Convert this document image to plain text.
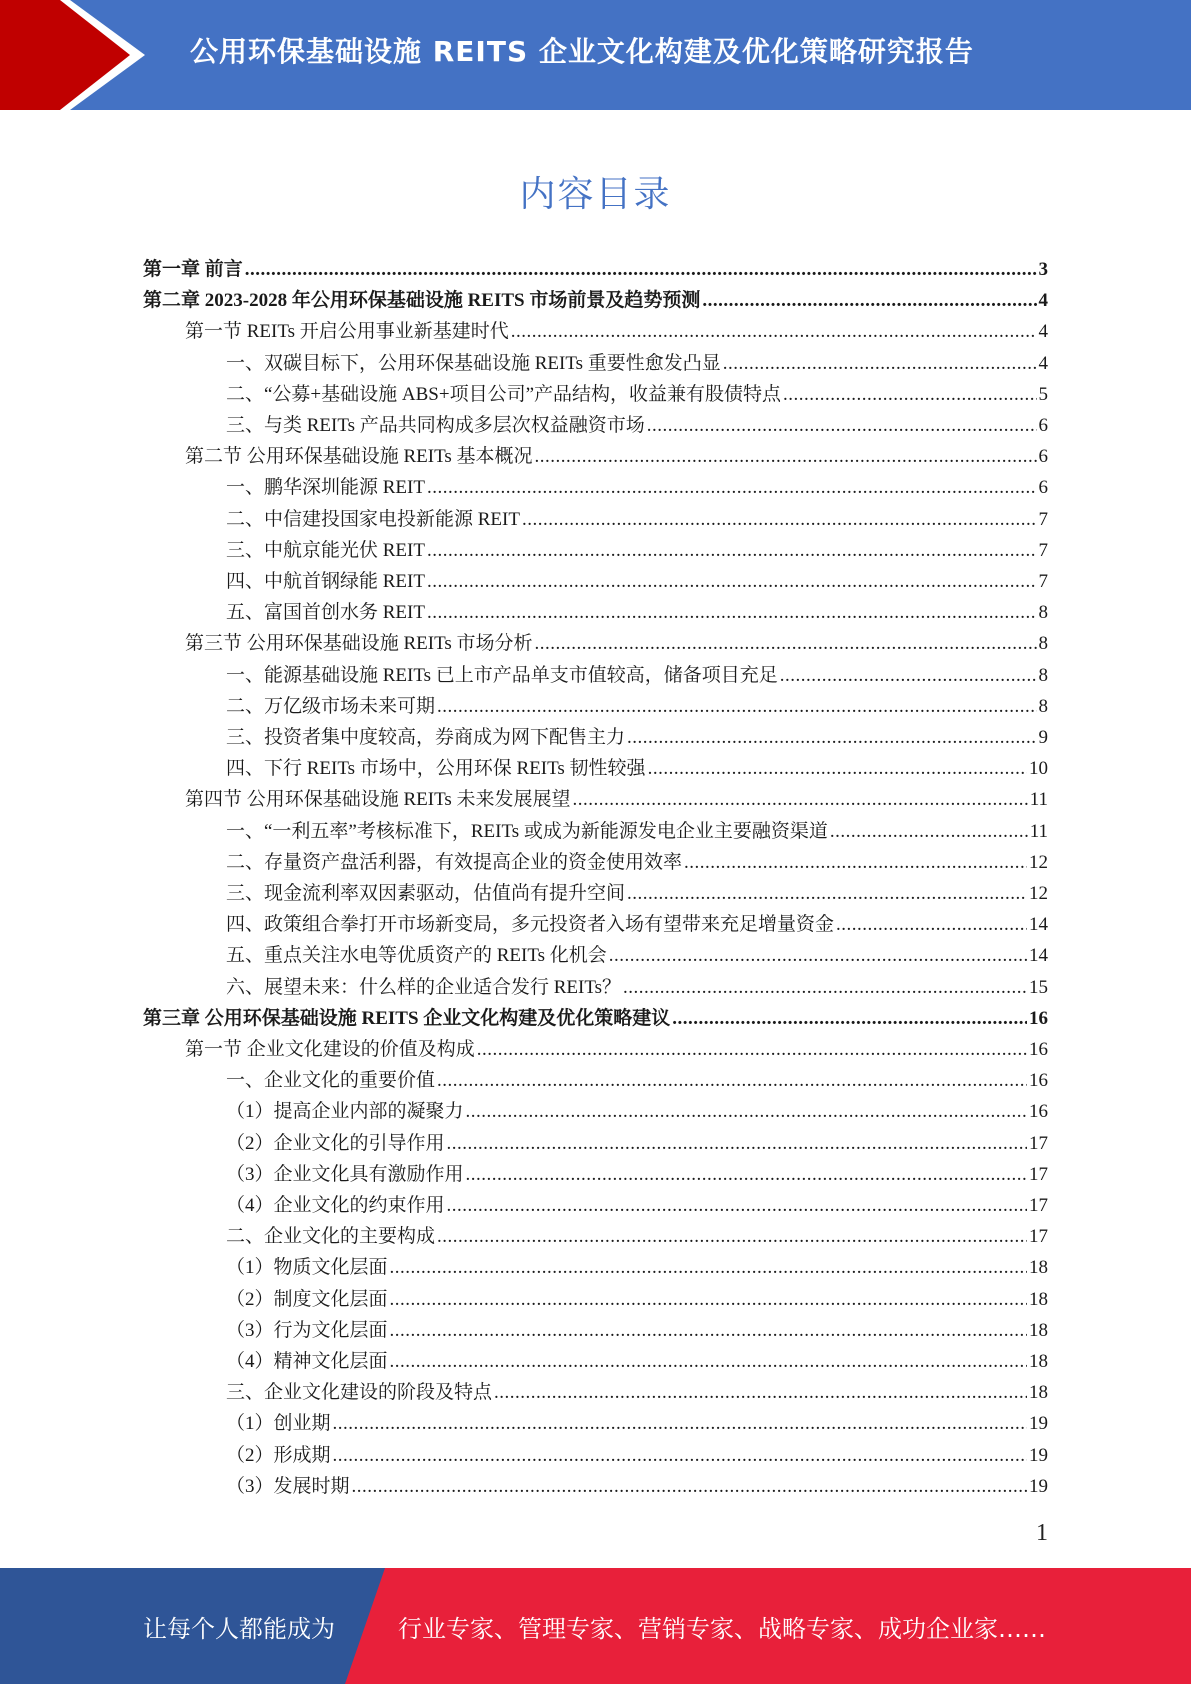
公用环保基础设施 REITS 企业文化构建及优化策略研究报告
内容目录
第一章 前言 .....	3
第二章 2023-2028 年公用环保基础设施 REITS 市场前景及趋势预测 .....	4
第一节 REITs 开启公用事业新基建时代 .....	4
一、双碳目标下，公用环保基础设施 REITs 重要性愈发凸显 .....	4
二、“公募+基础设施 ABS+项目公司”产品结构，收益兼有股债特点 .....	5
三、与类 REITs 产品共同构成多层次权益融资市场 .....	6
第二节 公用环保基础设施 REITs 基本概况 .....	6
一、鹏华深圳能源 REIT .....	6
二、中信建投国家电投新能源 REIT .....	7
三、中航京能光伏 REIT .....	7
四、中航首钢绿能 REIT .....	7
五、富国首创水务 REIT .....	8
第三节 公用环保基础设施 REITs 市场分析 .....	8
一、能源基础设施 REITs 已上市产品单支市值较高，储备项目充足 .....	8
二、万亿级市场未来可期 .....	8
三、投资者集中度较高，券商成为网下配售主力 .....	9
四、下行 REITs 市场中，公用环保 REITs 韧性较强 .....	10
第四节 公用环保基础设施 REITs 未来发展展望 .....	11
一、“一利五率”考核标准下，REITs 或成为新能源发电企业主要融资渠道 .....	11
二、存量资产盘活利器，有效提高企业的资金使用效率 .....	12
三、现金流利率双因素驱动，估值尚有提升空间 .....	12
四、政策组合拳打开市场新变局，多元投资者入场有望带来充足增量资金 .....	14
五、重点关注水电等优质资产的 REITs 化机会 .....	14
六、展望未来：什么样的企业适合发行 REITs？ .....	15
第三章 公用环保基础设施 REITS 企业文化构建及优化策略建议 .....	16
第一节 企业文化建设的价值及构成 .....	16
一、企业文化的重要价值 .....	16
（1）提高企业内部的凝聚力 .....	16
（2）企业文化的引导作用 .....	17
（3）企业文化具有激励作用 .....	17
（4）企业文化的约束作用 .....	17
二、企业文化的主要构成 .....	17
（1）物质文化层面 .....	18
（2）制度文化层面 .....	18
（3）行为文化层面 .....	18
（4）精神文化层面 .....	18
三、企业文化建设的阶段及特点 .....	18
（1）创业期 .....	19
（2）形成期 .....	19
（3）发展时期 .....	19
1
让每个人都能成为	行业专家、管理专家、营销专家、战略专家、成功企业家……
